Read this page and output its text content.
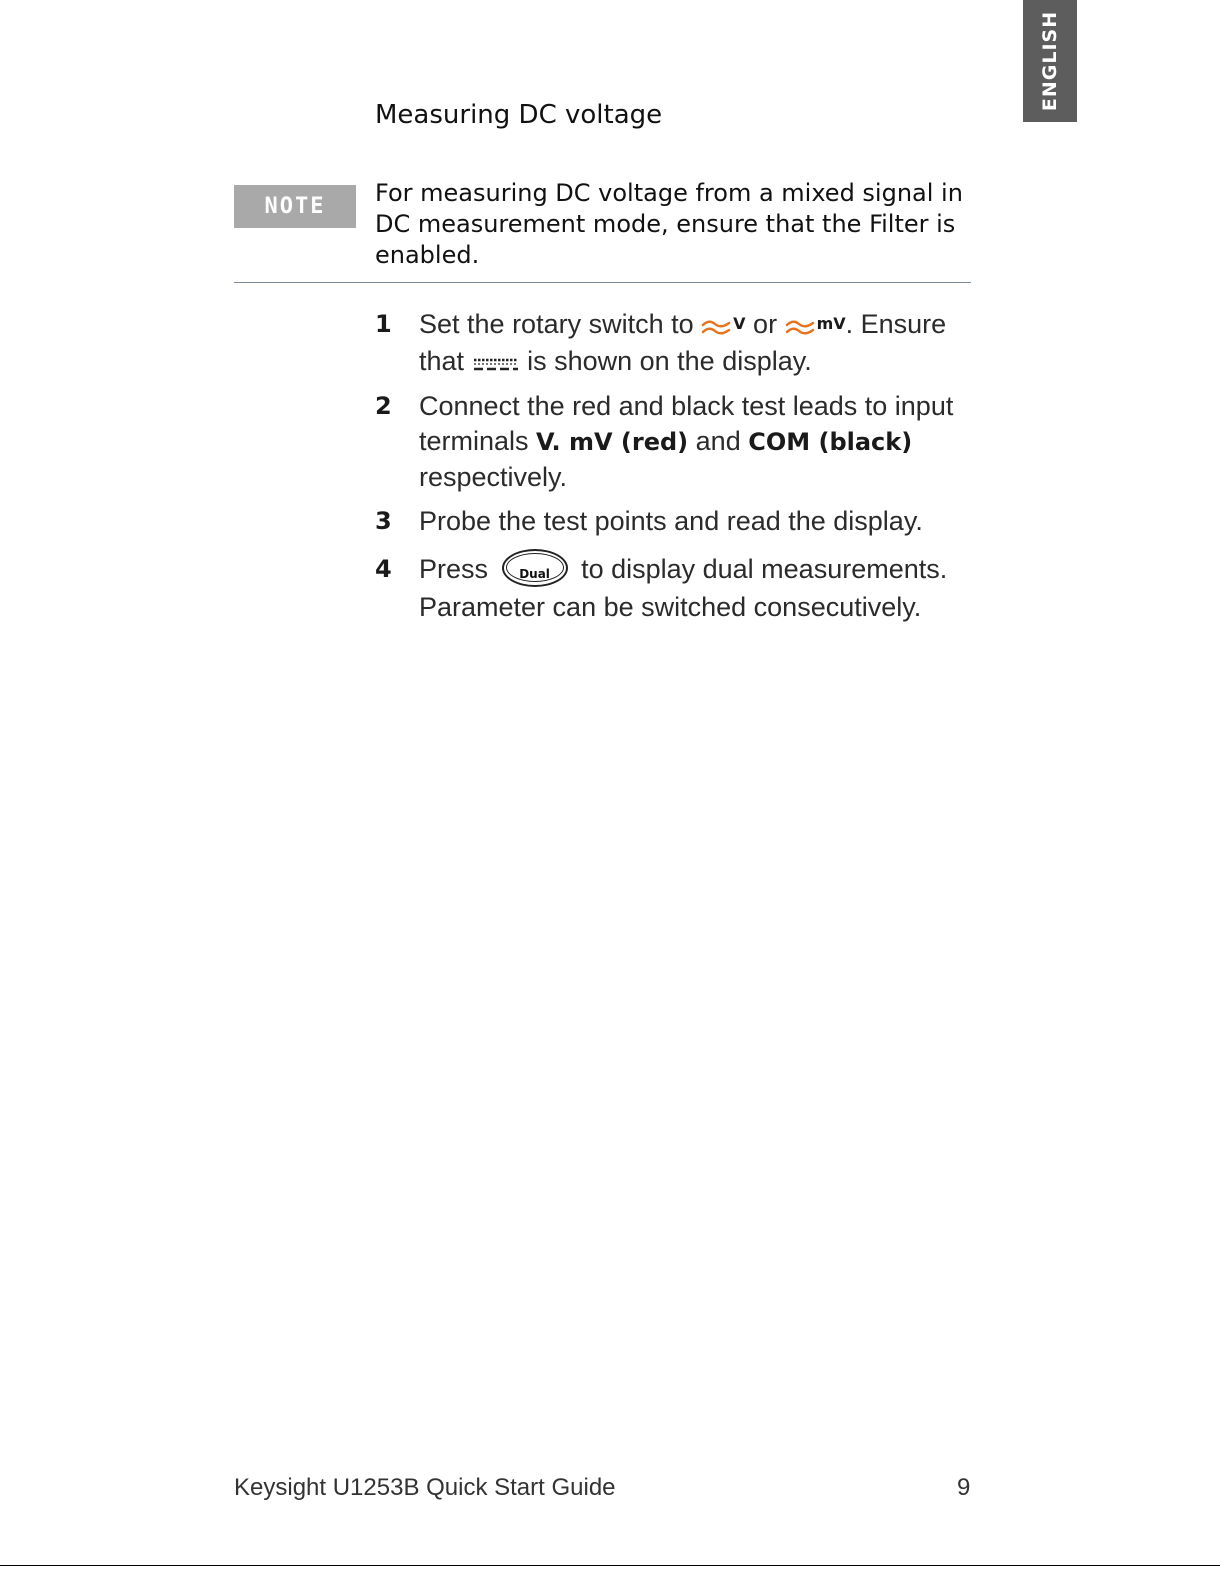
ENGLISH
Measuring DC voltage
NOTE	For measuring DC voltage from a mixed signal in DC measurement mode, ensure that the Filter is enabled.
1 Set the rotary switch to V or mV. Ensure
that is shown on the display.
2 Connect the red and black test leads to input terminals V. mV (red) and COM (black)
respectively.
3 Probe the test points and read the display.
4 Press	Dual	to display dual measurements. Parameter can be switched consecutively.
Keysight U1253B Quick Start Guide	9
